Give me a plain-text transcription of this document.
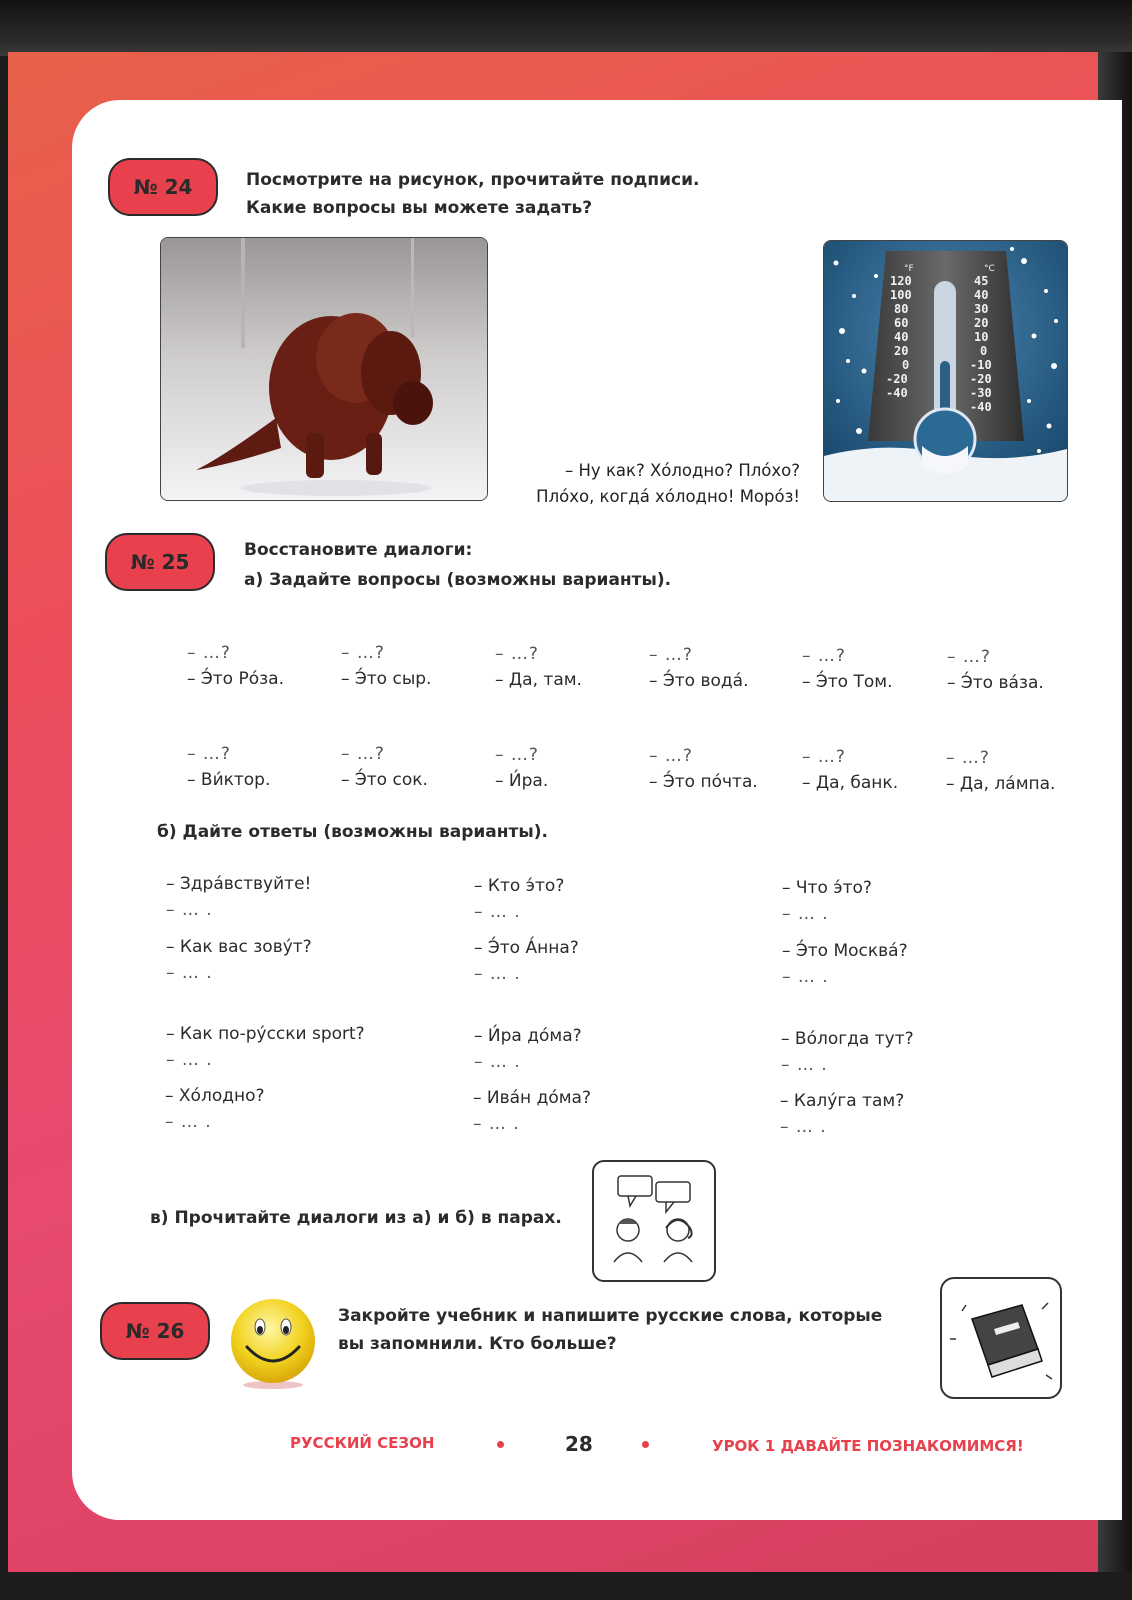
№ 24	Посмотрите на рисунок, прочитайте подписи.
Какие вопросы вы можете задать?
– Ну как? Хóлодно? Плóхо?
Плóхо, когдá хóлодно! Морóз!
120
100
80
60
40
20
0
-20
-40
45
40
30
20
10
0
-10
-20
-30
-40
°F	°C
№ 25	Восстановите диалоги:
а) Задайте вопросы (возможны варианты).
– …?
– Э́то Рóза.
– …?
– Э́то сыр.
– …?
– Да, там.
– …?
– Э́то водá.
– …?
– Э́то Том.
– …?
– Э́то вáза.
– …?
– Ви́ктор.
– …?
– Э́то сок.
– …?
– И́ра.
– …?
– Э́то пóчта.
– …?
– Да, банк.
– …?
– Да, лáмпа.
б) Дайте ответы (возможны варианты).
– Здрáвствуйте!
– … .
– Кто э́то?
– … .
– Что э́то?
– … .
– Как вас зовýт?
– … .
– Э́то А́нна?
– … .
– Э́то Москвá?
– … .
– Как по-рýсски sport?
– … .
– И́ра дóма?
– … .
– Вóлогда тут?
– … .
– Хóлодно?
– … .
– Ивáн дóма?
– … .
– Калýга там?
– … .
в) Прочитайте диалоги из а) и б) в парах.
№ 26
Закройте учебник и напишите русские слова, которые
вы запомнили. Кто больше?
РУССКИЙ СЕЗОН	28	УРОК 1 ДАВАЙТЕ ПОЗНАКОМИМСЯ!
